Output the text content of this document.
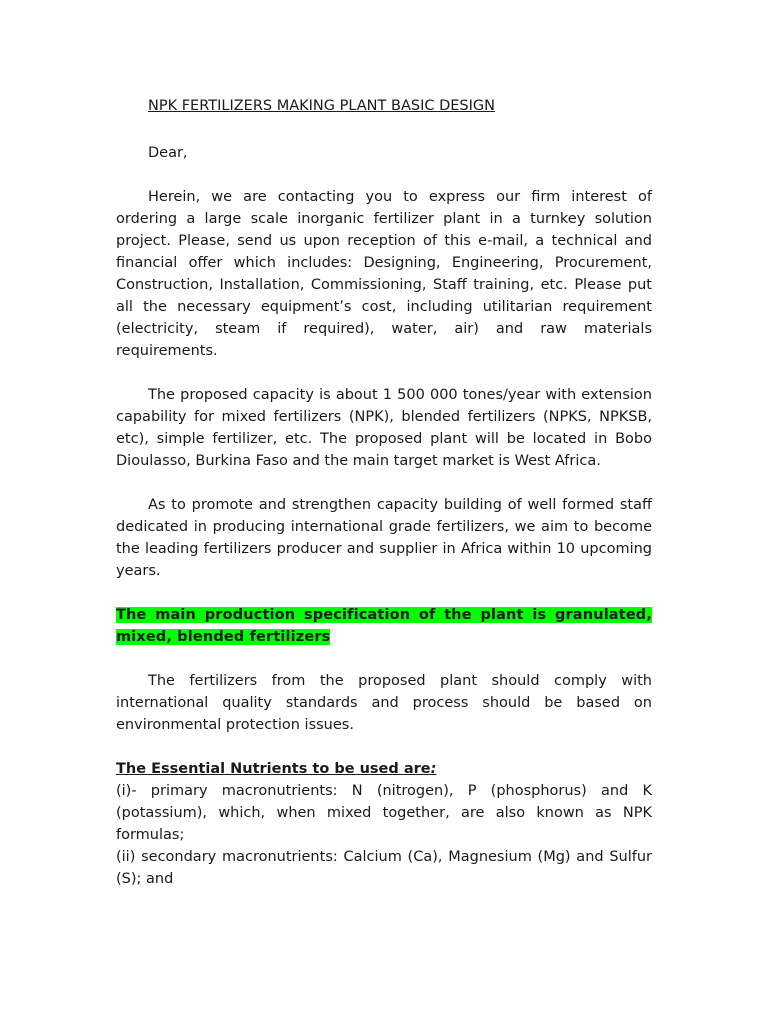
NPK FERTILIZERS MAKING PLANT BASIC DESIGN

Dear,

Herein, we are contacting you to express our firm interest of ordering a large scale inorganic fertilizer plant in a turnkey solution project. Please, send us upon reception of this e-mail, a technical and financial offer which includes: Designing, Engineering, Procurement, Construction, Installation, Commissioning, Staff training, etc. Please put all the necessary equipment’s cost, including utilitarian requirement (electricity, steam if required), water, air) and raw materials requirements.

The proposed capacity is about 1 500 000 tones/year with extension capability for mixed fertilizers (NPK), blended fertilizers (NPKS, NPKSB, etc), simple fertilizer, etc. The proposed plant will be located in Bobo Dioulasso, Burkina Faso and the main target market is West Africa.

As to promote and strengthen capacity building of well formed staff dedicated in producing international grade fertilizers, we aim to become the leading fertilizers producer and supplier in Africa within 10 upcoming years.

The main production specification of the plant is granulated, mixed, blended fertilizers

The fertilizers from the proposed plant should comply with international quality standards and process should be based on environmental protection issues.

The Essential Nutrients to be used are:

(i)- primary macronutrients: N (nitrogen), P (phosphorus) and K (potassium), which, when mixed together, are also known as NPK formulas;

(ii) secondary macronutrients: Calcium (Ca), Magnesium (Mg) and Sulfur (S); and
